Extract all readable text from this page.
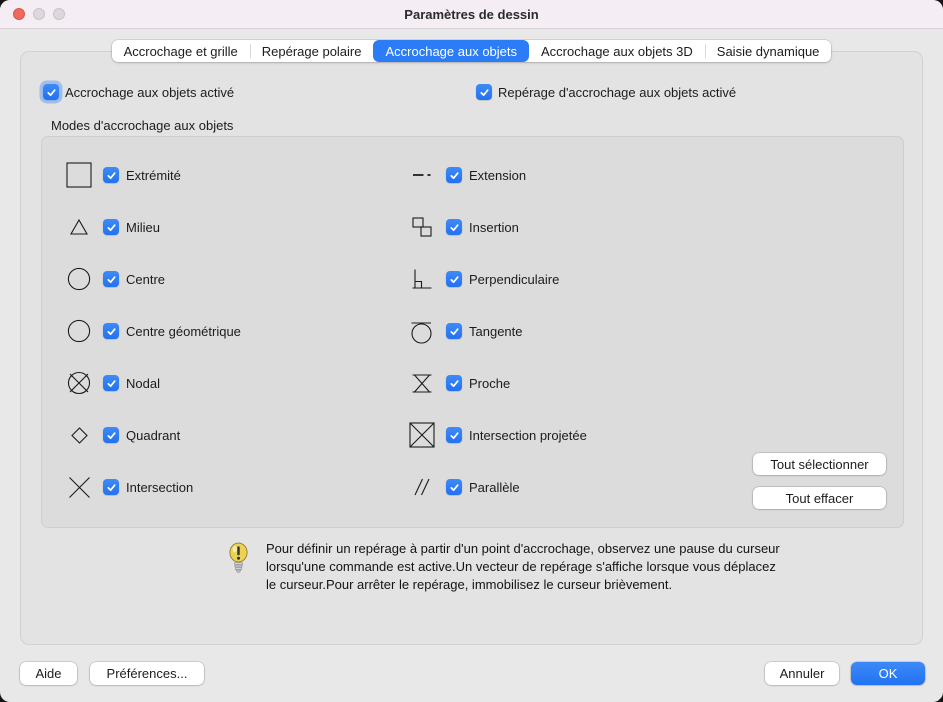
Paramètres de dessin
Accrochage et grille	Repérage polaire	Accrochage aux objets	Accrochage aux objets 3D	Saisie dynamique
Accrochage aux objets activé	Repérage d'accrochage aux objets activé
Modes d'accrochage aux objets
Extrémité
Milieu
Centre
Centre géométrique
Nodal
Quadrant
Intersection
Extension
Insertion
Perpendiculaire
Tangente
Proche
Intersection projetée
Parallèle
Tout sélectionner
Tout effacer
Pour définir un repérage à partir d'un point d'accrochage, observez une pause du curseur lorsqu'une commande est active.Un vecteur de repérage s'affiche lorsque vous déplacez le curseur.Pour arrêter le repérage, immobilisez le curseur brièvement.
Aide	Préférences...	Annuler	OK
